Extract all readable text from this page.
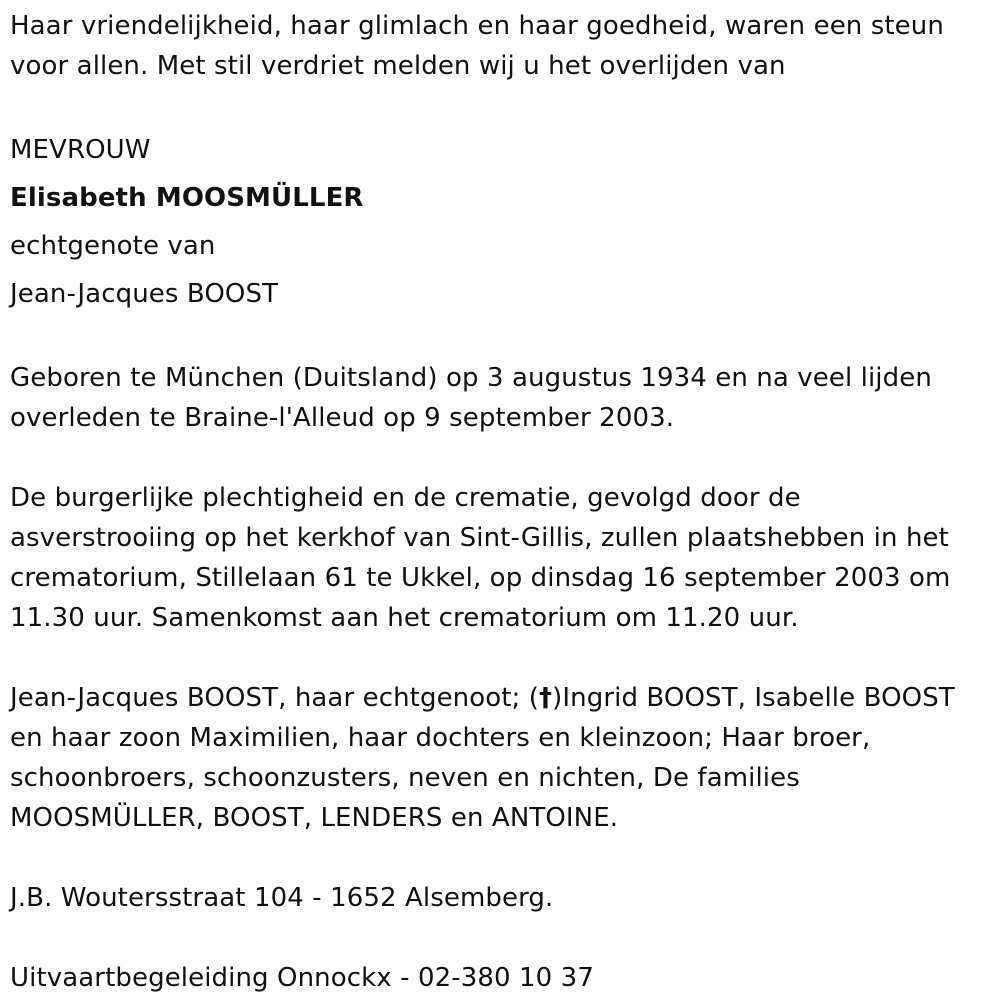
Haar vriendelijkheid, haar glimlach en haar goedheid, waren een steun

voor allen. Met stil verdriet melden wij u het overlijden van

MEVROUW

Elisabeth MOOSMÜLLER

echtgenote van

Jean-Jacques BOOST

Geboren te München (Duitsland) op 3 augustus 1934 en na veel lijden

overleden te Braine-l'Alleud op 9 september 2003.

De burgerlijke plechtigheid en de crematie, gevolgd door de

asverstrooiing op het kerkhof van Sint-Gillis, zullen plaatshebben in het

crematorium, Stillelaan 61 te Ukkel, op dinsdag 16 september 2003 om

11.30 uur. Samenkomst aan het crematorium om 11.20 uur.

Jean-Jacques BOOST, haar echtgenoot; (†)Ingrid BOOST, Isabelle BOOST

en haar zoon Maximilien, haar dochters en kleinzoon; Haar broer,

schoonbroers, schoonzusters, neven en nichten, De families

MOOSMÜLLER, BOOST, LENDERS en ANTOINE.

J.B. Woutersstraat 104 - 1652 Alsemberg.

Uitvaartbegeleiding Onnockx - 02-380 10 37
